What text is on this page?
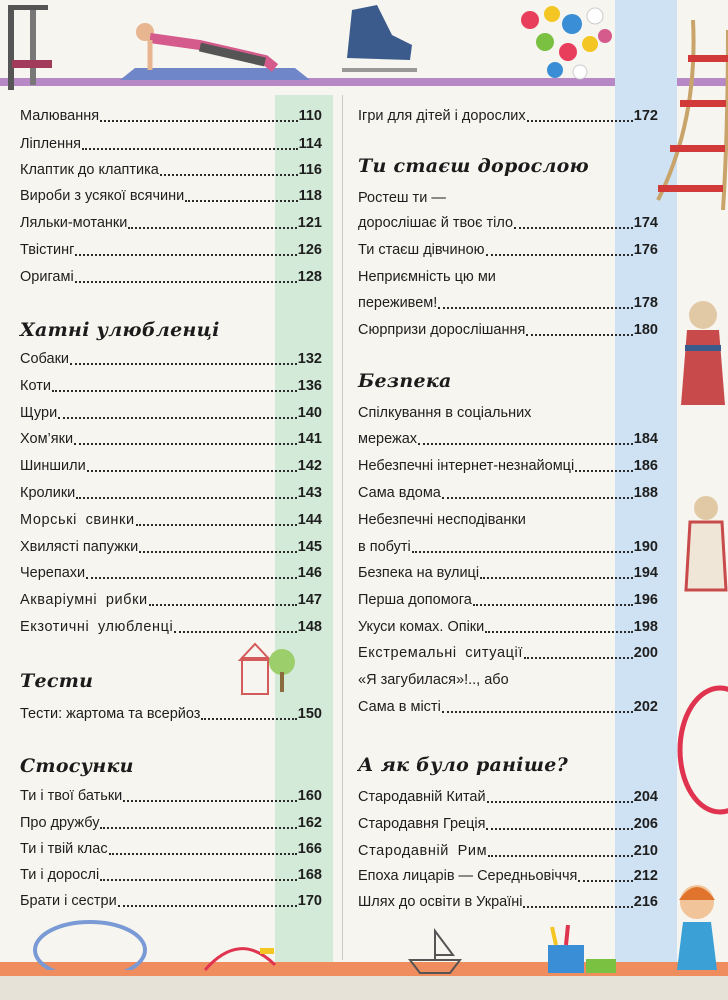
Малювання	110
Ліплення	114
Клаптик до клаптика	116
Вироби з усякої всячини	118
Ляльки-мотанки	121
Твістинг	126
Оригамі	128
Хатні улюбленці
Собаки	132
Коти	136
Щури	140
Хом’яки	141
Шиншили	142
Кролики	143
Морські свинки	144
Хвилясті папужки	145
Черепахи	146
Акваріумні рибки	147
Екзотичні улюбленці	148
Тести
Тести: жартома та всерйоз	150
Стосунки
Ти і твої батьки	160
Про дружбу	162
Ти і твій клас	166
Ти і дорослі	168
Брати і сестри	170
Ігри для дітей і дорослих	172
Ти стаєш дорослою
Ростеш ти —
дорослішає й твоє тіло	174
Ти стаєш дівчиною	176
Неприємність цю ми
переживем!	178
Сюрпризи дорослішання	180
Безпека
Спілкування в соціальних
мережах	184
Небезпечні інтернет-незнайомці	186
Сама вдома	188
Небезпечні несподіванки
в побуті	190
Безпека на вулиці	194
Перша допомога	196
Укуси комах. Опіки	198
Екстремальні ситуації	200
«Я загубилася»!.., або
Сама в місті	202
А як було раніше?
Стародавній Китай	204
Стародавня Греція	206
Стародавній Рим	210
Епоха лицарів — Середньовіччя	212
Шлях до освіти в Україні	216
